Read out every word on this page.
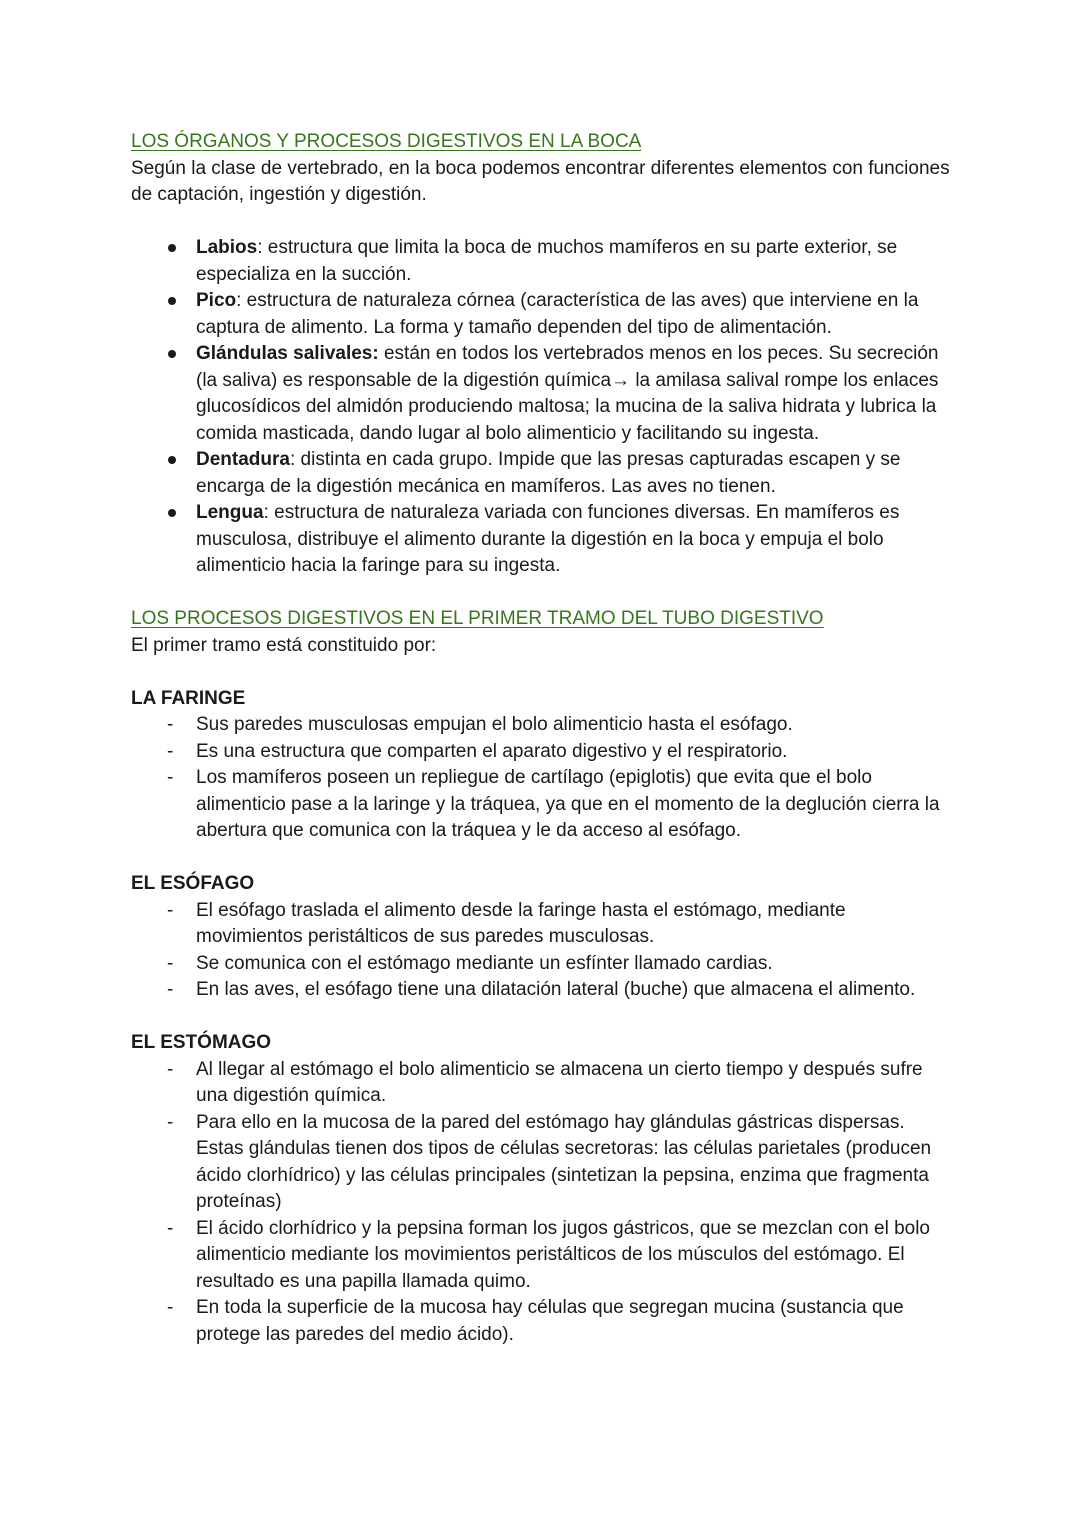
LOS ÓRGANOS Y PROCESOS DIGESTIVOS EN LA BOCA

Según la clase de vertebrado, en la boca podemos encontrar diferentes elementos con funciones de captación, ingestión y digestión.

Labios: estructura que limita la boca de muchos mamíferos en su parte exterior, se especializa en la succión.
Pico: estructura de naturaleza córnea (característica de las aves) que interviene en la captura de alimento. La forma y tamaño dependen del tipo de alimentación.
Glándulas salivales: están en todos los vertebrados menos en los peces. Su secreción (la saliva) es responsable de la digestión química→ la amilasa salival rompe los enlaces glucosídicos del almidón produciendo maltosa; la mucina de la saliva hidrata y lubrica la comida masticada, dando lugar al bolo alimenticio y facilitando su ingesta.
Dentadura: distinta en cada grupo. Impide que las presas capturadas escapen y se encarga de la digestión mecánica en mamíferos. Las aves no tienen.
Lengua: estructura de naturaleza variada con funciones diversas. En mamíferos es musculosa, distribuye el alimento durante la digestión en la boca y empuja el bolo alimenticio hacia la faringe para su ingesta.
LOS PROCESOS DIGESTIVOS EN EL PRIMER TRAMO DEL TUBO DIGESTIVO

El primer tramo está constituido por:

LA FARINGE

- Sus paredes musculosas empujan el bolo alimenticio hasta el esófago.
- Es una estructura que comparten el aparato digestivo y el respiratorio.
- Los mamíferos poseen un repliegue de cartílago (epiglotis) que evita que el bolo alimenticio pase a la laringe y la tráquea, ya que en el momento de la deglución cierra la abertura que comunica con la tráquea y le da acceso al esófago.

EL ESÓFAGO

- El esófago traslada el alimento desde la faringe hasta el estómago, mediante movimientos peristálticos de sus paredes musculosas.
- Se comunica con el estómago mediante un esfínter llamado cardias.
- En las aves, el esófago tiene una dilatación lateral (buche) que almacena el alimento.

EL ESTÓMAGO

- Al llegar al estómago el bolo alimenticio se almacena un cierto tiempo y después sufre una digestión química.
- Para ello en la mucosa de la pared del estómago hay glándulas gástricas dispersas. Estas glándulas tienen dos tipos de células secretoras: las células parietales (producen ácido clorhídrico) y las células principales (sintetizan la pepsina, enzima que fragmenta proteínas)
- El ácido clorhídrico y la pepsina forman los jugos gástricos, que se mezclan con el bolo alimenticio mediante los movimientos peristálticos de los músculos del estómago. El resultado es una papilla llamada quimo.
- En toda la superficie de la mucosa hay células que segregan mucina (sustancia que protege las paredes del medio ácido).
